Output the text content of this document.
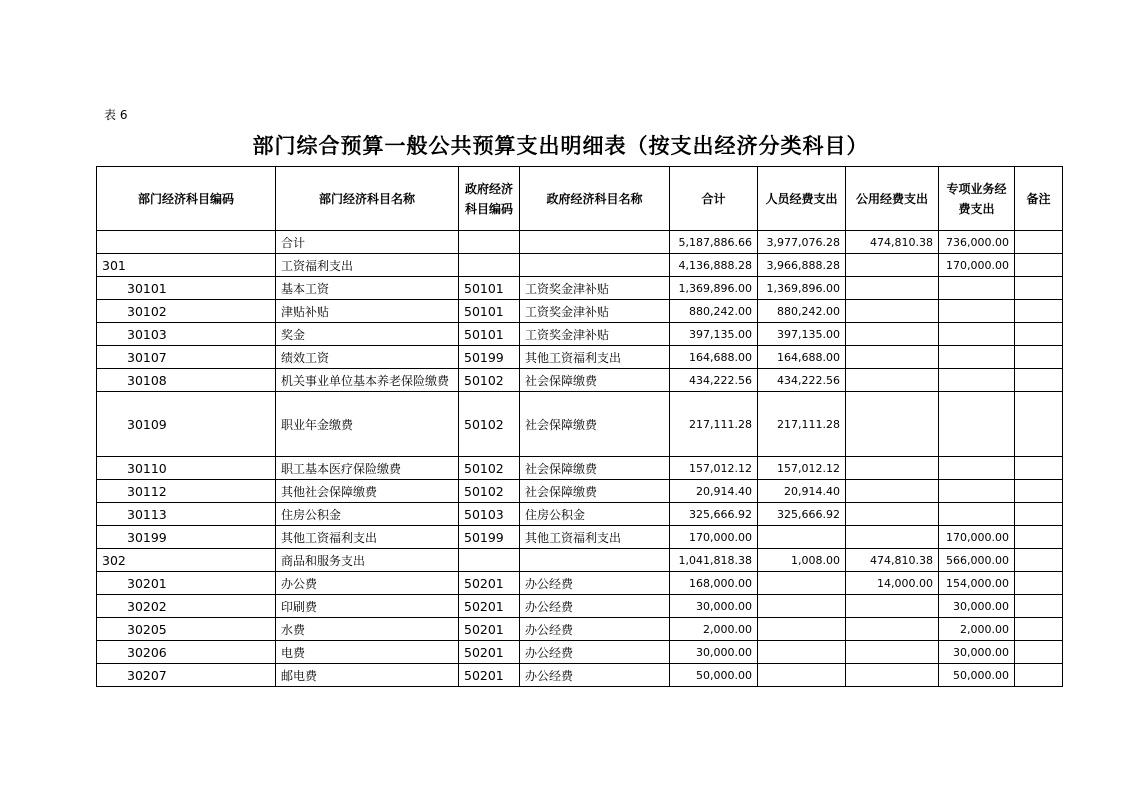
表 6
部门综合预算一般公共预算支出明细表（按支出经济分类科目）
部门经济科目编码	部门经济科目名称	政府经济科目编码	政府经济科目名称	合计	人员经费支出	公用经费支出	专项业务经费支出	备注
	合计			5,187,886.66	3,977,076.28	474,810.38	736,000.00	
301	工资福利支出			4,136,888.28	3,966,888.28		170,000.00	
30101	基本工资	50101	工资奖金津补贴	1,369,896.00	1,369,896.00			
30102	津贴补贴	50101	工资奖金津补贴	880,242.00	880,242.00			
30103	奖金	50101	工资奖金津补贴	397,135.00	397,135.00			
30107	绩效工资	50199	其他工资福利支出	164,688.00	164,688.00			
30108	机关事业单位基本养老保险缴费	50102	社会保障缴费	434,222.56	434,222.56			
30109	职业年金缴费	50102	社会保障缴费	217,111.28	217,111.28			
30110	职工基本医疗保险缴费	50102	社会保障缴费	157,012.12	157,012.12			
30112	其他社会保障缴费	50102	社会保障缴费	20,914.40	20,914.40			
30113	住房公积金	50103	住房公积金	325,666.92	325,666.92			
30199	其他工资福利支出	50199	其他工资福利支出	170,000.00			170,000.00	
302	商品和服务支出			1,041,818.38	1,008.00	474,810.38	566,000.00	
30201	办公费	50201	办公经费	168,000.00		14,000.00	154,000.00	
30202	印刷费	50201	办公经费	30,000.00			30,000.00	
30205	水费	50201	办公经费	2,000.00			2,000.00	
30206	电费	50201	办公经费	30,000.00			30,000.00	
30207	邮电费	50201	办公经费	50,000.00			50,000.00	
